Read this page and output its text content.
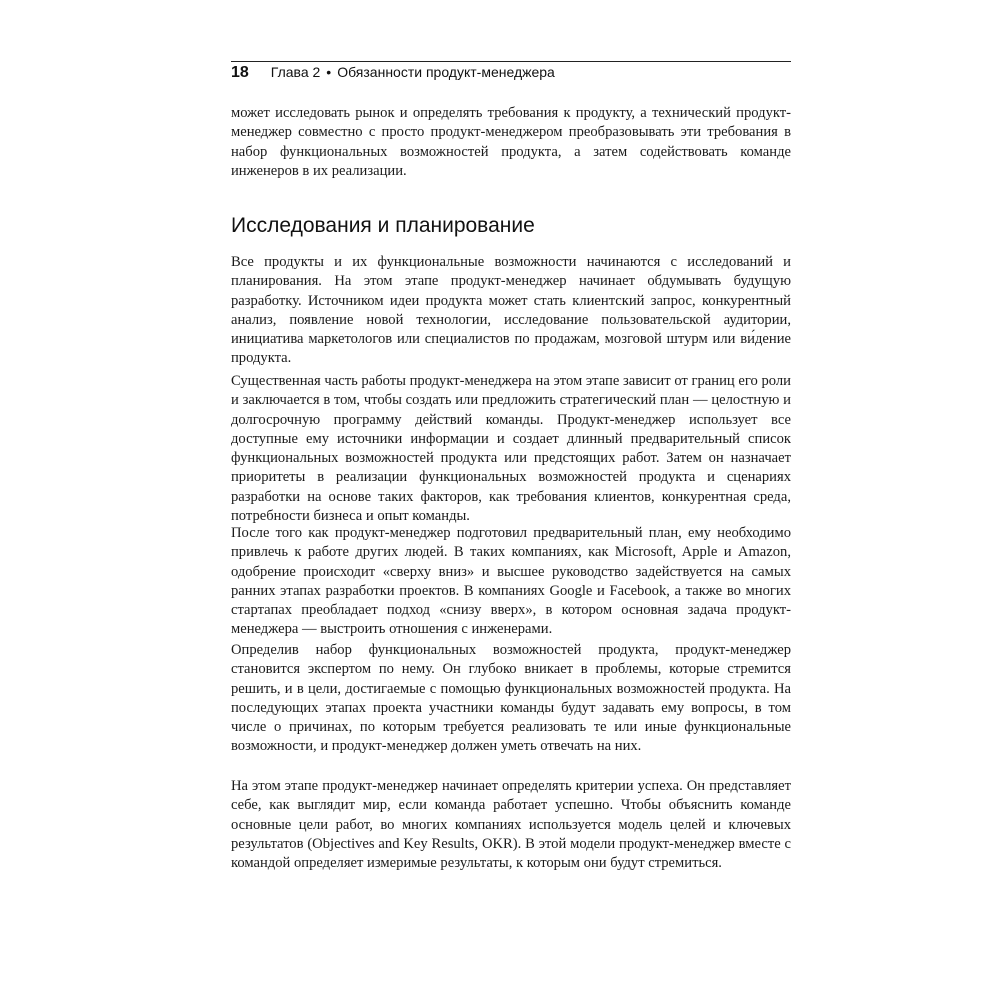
18 Глава 2 • Обязанности продукт-менеджера

может исследовать рынок и определять требования к продукту, а технический продукт-менеджер совместно с просто продукт-менеджером преобразовывать эти требования в набор функциональных возможностей продукта, а затем содействовать команде инженеров в их реализации.

Исследования и планирование

Все продукты и их функциональные возможности начинаются с исследований и планирования. На этом этапе продукт-менеджер начинает обдумывать будущую разработку. Источником идеи продукта может стать клиентский запрос, конкурентный анализ, появление новой технологии, исследование пользовательской аудитории, инициатива маркетологов или специалистов по продажам, мозговой штурм или ви́дение продукта.

Существенная часть работы продукт-менеджера на этом этапе зависит от границ его роли и заключается в том, чтобы создать или предложить стратегический план — целостную и долгосрочную программу действий команды. Продукт-менеджер использует все доступные ему источники информации и создает длинный предварительный список функциональных возможностей продукта или предстоящих работ. Затем он назначает приоритеты в реализации функциональных возможностей продукта и сценариях разработки на основе таких факторов, как требования клиентов, конкурентная среда, потребности бизнеса и опыт команды.

После того как продукт-менеджер подготовил предварительный план, ему необходимо привлечь к работе других людей. В таких компаниях, как Microsoft, Apple и Amazon, одобрение происходит «сверху вниз» и высшее руководство задействуется на самых ранних этапах разработки проектов. В компаниях Google и Facebook, а также во многих стартапах преобладает подход «снизу вверх», в котором основная задача продукт-менеджера — выстроить отношения с инженерами.

Определив набор функциональных возможностей продукта, продукт-менеджер становится экспертом по нему. Он глубоко вникает в проблемы, которые стремится решить, и в цели, достигаемые с помощью функциональных возможностей продукта. На последующих этапах проекта участники команды будут задавать ему вопросы, в том числе о причинах, по которым требуется реализовать те или иные функциональные возможности, и продукт-менеджер должен уметь отвечать на них.

На этом этапе продукт-менеджер начинает определять критерии успеха. Он представляет себе, как выглядит мир, если команда работает успешно. Чтобы объяснить команде основные цели работ, во многих компаниях используется модель целей и ключевых результатов (Objectives and Key Results, OKR). В этой модели продукт-менеджер вместе с командой определяет измеримые результаты, к которым они будут стремиться.
